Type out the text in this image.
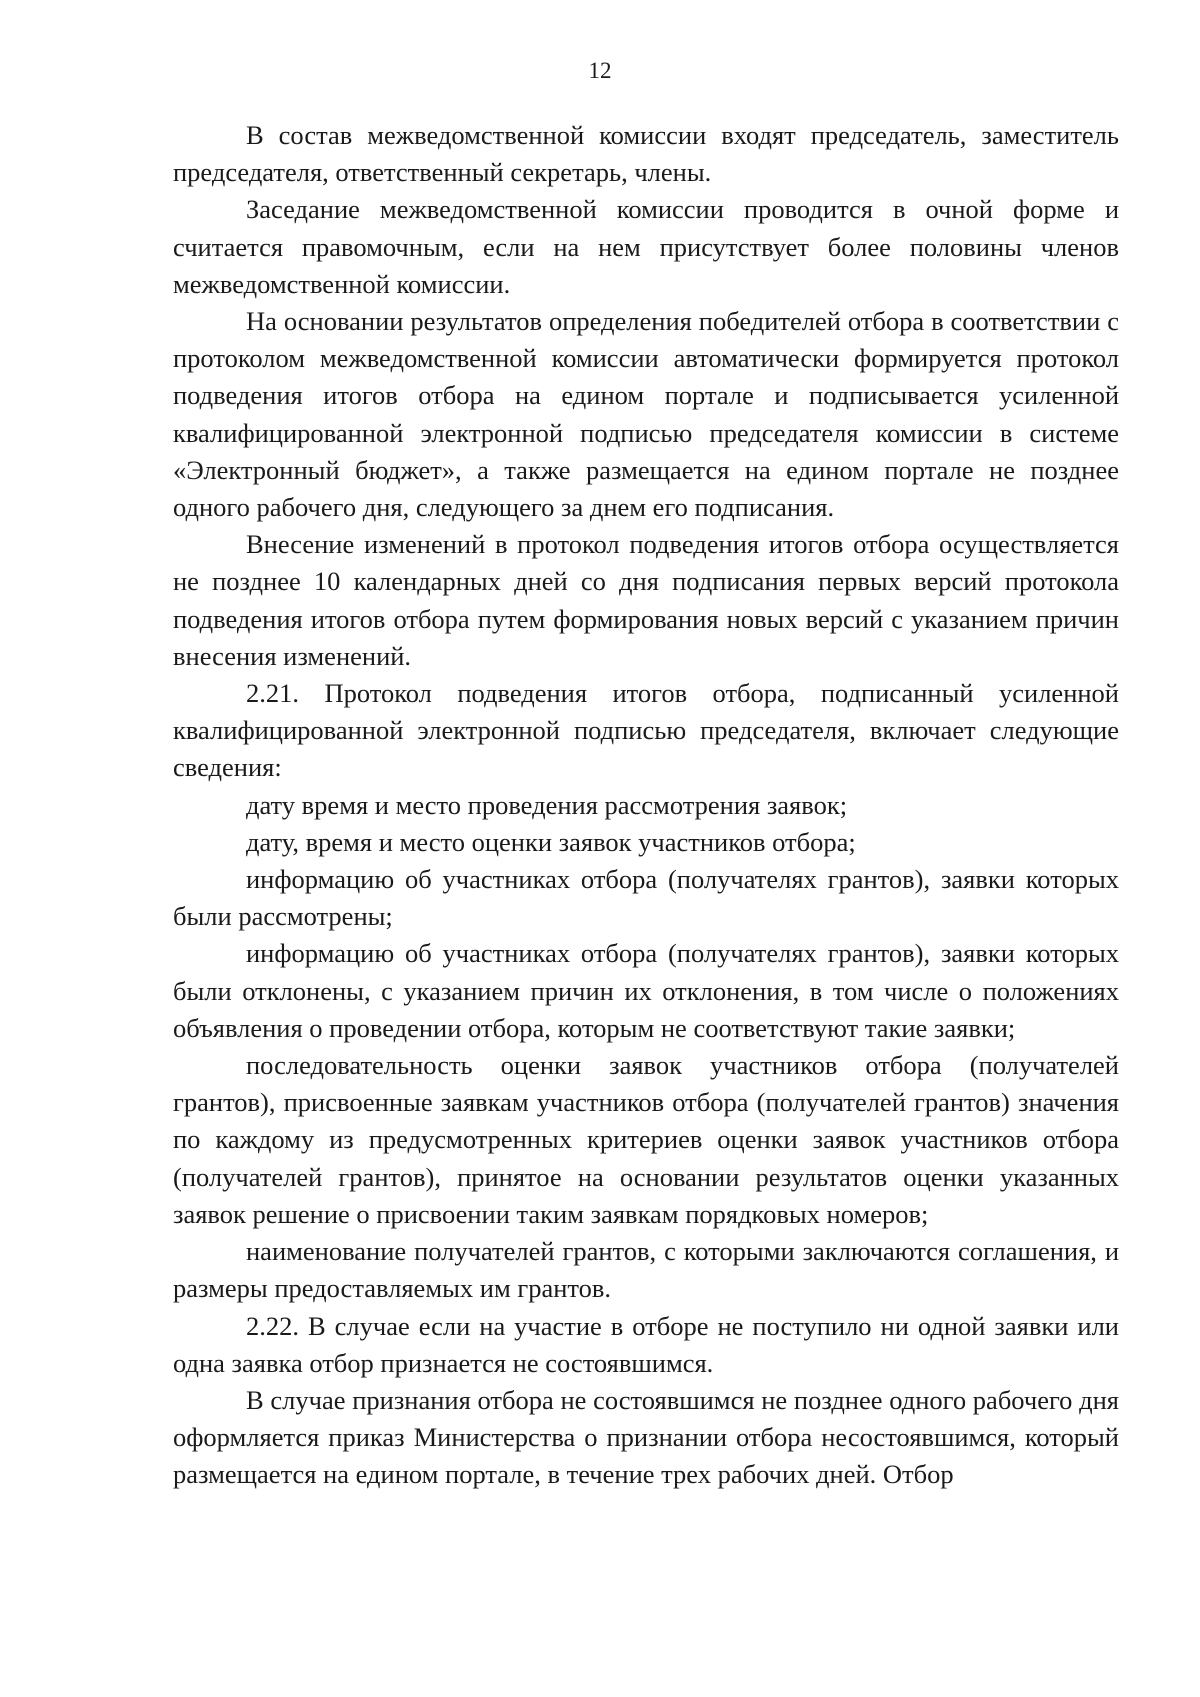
12

В состав межведомственной комиссии входят председатель, заместитель председателя, ответственный секретарь, члены.

Заседание межведомственной комиссии проводится в очной форме и считается правомочным, если на нем присутствует более половины членов межведомственной комиссии.

На основании результатов определения победителей отбора в соответствии с протоколом межведомственной комиссии автоматически формируется протокол подведения итогов отбора на едином портале и подписывается усиленной квалифицированной электронной подписью председателя комиссии в системе «Электронный бюджет», а также размещается на едином портале не позднее одного рабочего дня, следующего за днем его подписания.

Внесение изменений в протокол подведения итогов отбора осуществляется не позднее 10 календарных дней со дня подписания первых версий протокола подведения итогов отбора путем формирования новых версий с указанием причин внесения изменений.

2.21. Протокол подведения итогов отбора, подписанный усиленной квалифицированной электронной подписью председателя, включает следующие сведения:

дату время и место проведения рассмотрения заявок;

дату, время и место оценки заявок участников отбора;

информацию об участниках отбора (получателях грантов), заявки которых были рассмотрены;

информацию об участниках отбора (получателях грантов), заявки которых были отклонены, с указанием причин их отклонения, в том числе о положениях объявления о проведении отбора, которым не соответствуют такие заявки;

последовательность оценки заявок участников отбора (получателей грантов), присвоенные заявкам участников отбора (получателей грантов) значения по каждому из предусмотренных критериев оценки заявок участников отбора (получателей грантов), принятое на основании результатов оценки указанных заявок решение о присвоении таким заявкам порядковых номеров;

наименование получателей грантов, с которыми заключаются соглашения, и размеры предоставляемых им грантов.

2.22. В случае если на участие в отборе не поступило ни одной заявки или одна заявка отбор признается не состоявшимся.

В случае признания отбора не состоявшимся не позднее одного рабочего дня оформляется приказ Министерства о признании отбора несостоявшимся, который размещается на едином портале, в течение трех рабочих дней. Отбор
